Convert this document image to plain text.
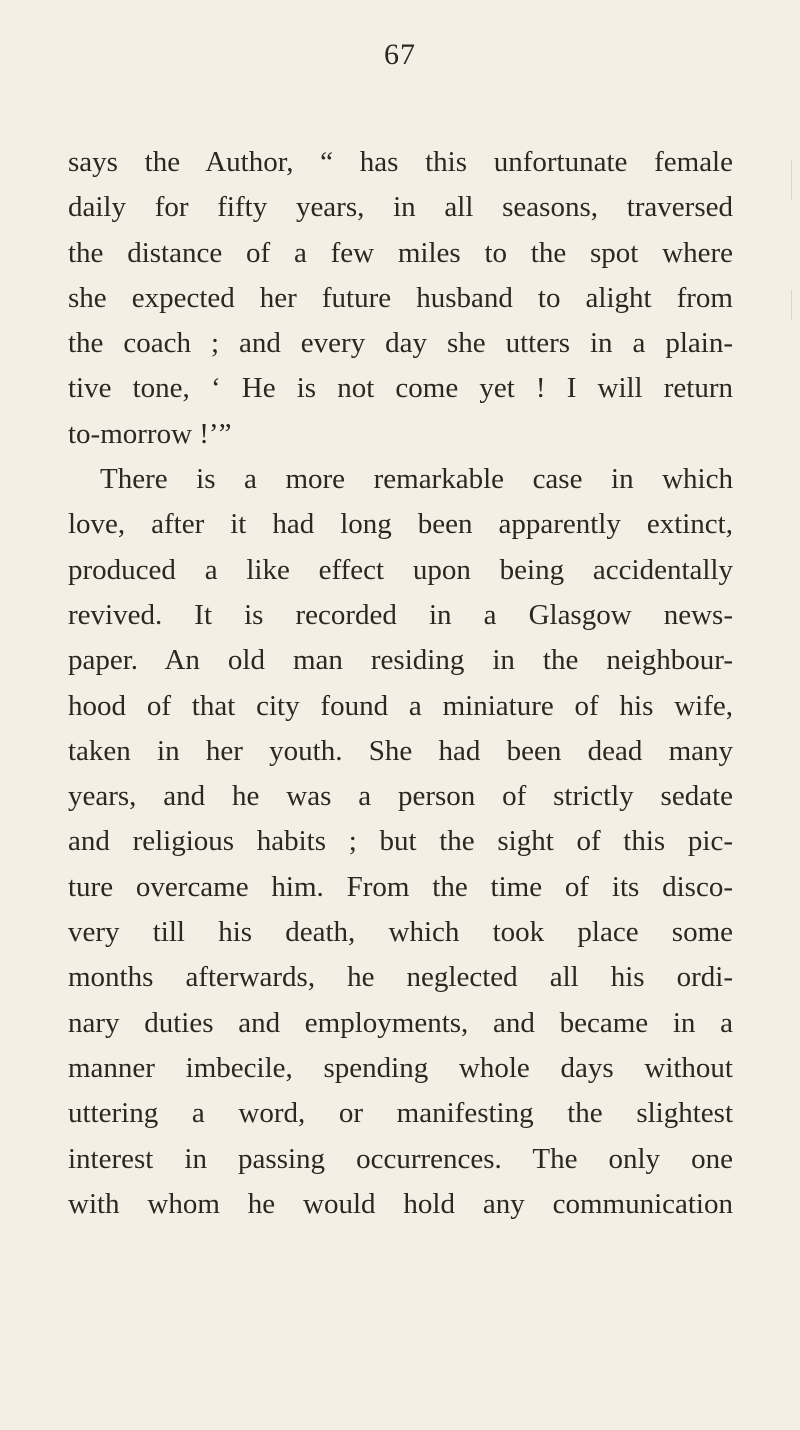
67
says the Author, “ has this unfortunate female
daily for fifty years, in all seasons, traversed
the distance of a few miles to the spot where
she expected her future husband to alight from
the coach ; and every day she utters in a plain-
tive tone, ‘ He is not come yet ! I will return
to-morrow !’”
There is a more remarkable case in which
love, after it had long been apparently extinct,
produced a like effect upon being accidentally
revived. It is recorded in a Glasgow news-
paper. An old man residing in the neighbour-
hood of that city found a miniature of his wife,
taken in her youth. She had been dead many
years, and he was a person of strictly sedate
and religious habits ; but the sight of this pic-
ture overcame him. From the time of its disco-
very till his death, which took place some
months afterwards, he neglected all his ordi-
nary duties and employments, and became in a
manner imbecile, spending whole days without
uttering a word, or manifesting the slightest
interest in passing occurrences. The only one
with whom he would hold any communication
